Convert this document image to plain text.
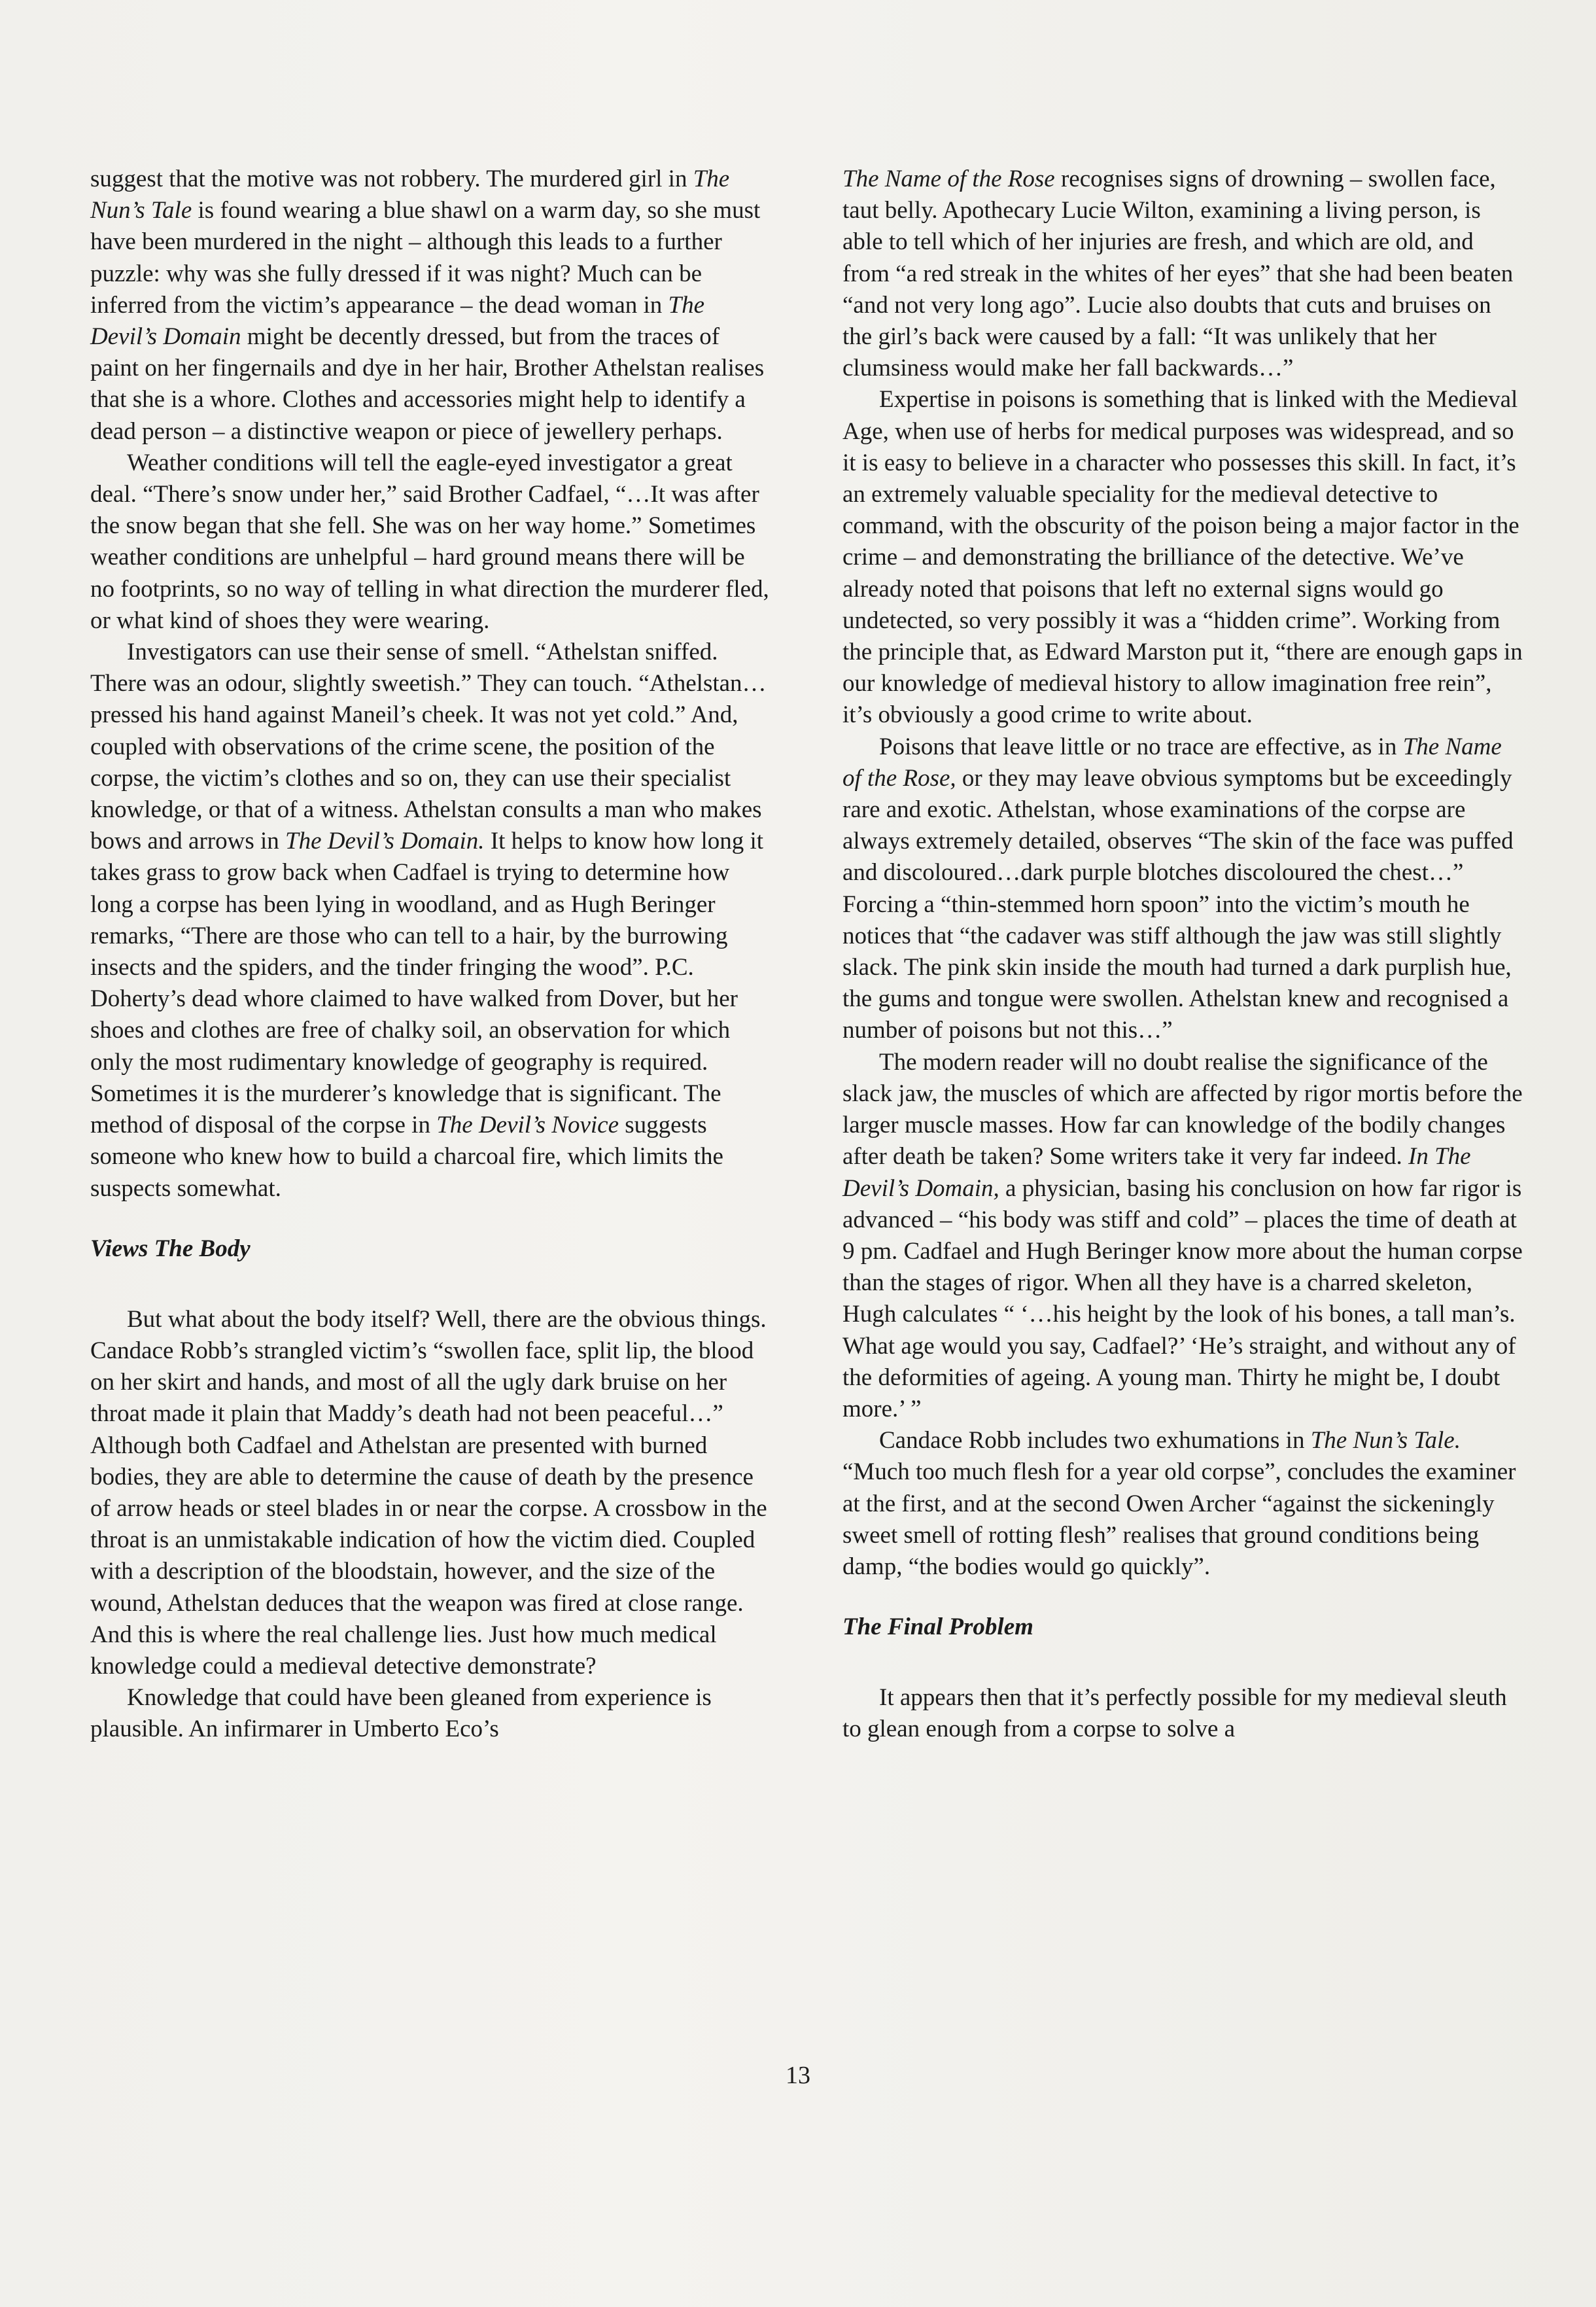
suggest that the motive was not robbery. The murdered girl in The Nun’s Tale is found wearing a blue shawl on a warm day, so she must have been murdered in the night – although this leads to a further puzzle: why was she fully dressed if it was night? Much can be inferred from the victim’s appearance – the dead woman in The Devil’s Domain might be decently dressed, but from the traces of paint on her fingernails and dye in her hair, Brother Athelstan realises that she is a whore. Clothes and accessories might help to identify a dead person – a distinctive weapon or piece of jewellery perhaps.

Weather conditions will tell the eagle-eyed investigator a great deal. “There’s snow under her,” said Brother Cadfael, “…It was after the snow began that she fell. She was on her way home.” Sometimes weather conditions are unhelpful – hard ground means there will be no footprints, so no way of telling in what direction the murderer fled, or what kind of shoes they were wearing.

Investigators can use their sense of smell. “Athelstan sniffed. There was an odour, slightly sweetish.” They can touch. “Athelstan…pressed his hand against Maneil’s cheek. It was not yet cold.” And, coupled with observations of the crime scene, the position of the corpse, the victim’s clothes and so on, they can use their specialist knowledge, or that of a witness. Athelstan consults a man who makes bows and arrows in The Devil’s Domain. It helps to know how long it takes grass to grow back when Cadfael is trying to determine how long a corpse has been lying in woodland, and as Hugh Beringer remarks, “There are those who can tell to a hair, by the burrowing insects and the spiders, and the tinder fringing the wood”. P.C. Doherty’s dead whore claimed to have walked from Dover, but her shoes and clothes are free of chalky soil, an observation for which only the most rudimentary knowledge of geography is required. Sometimes it is the murderer’s knowledge that is significant. The method of disposal of the corpse in The Devil’s Novice suggests someone who knew how to build a charcoal fire, which limits the suspects somewhat.

Views The Body

But what about the body itself? Well, there are the obvious things. Candace Robb’s strangled victim’s “swollen face, split lip, the blood on her skirt and hands, and most of all the ugly dark bruise on her throat made it plain that Maddy’s death had not been peaceful…” Although both Cadfael and Athelstan are presented with burned bodies, they are able to determine the cause of death by the presence of arrow heads or steel blades in or near the corpse. A crossbow in the throat is an unmistakable indication of how the victim died. Coupled with a description of the bloodstain, however, and the size of the wound, Athelstan deduces that the weapon was fired at close range. And this is where the real challenge lies. Just how much medical knowledge could a medieval detective demonstrate?

Knowledge that could have been gleaned from experience is plausible. An infirmarer in Umberto Eco’s

The Name of the Rose recognises signs of drowning – swollen face, taut belly. Apothecary Lucie Wilton, examining a living person, is able to tell which of her injuries are fresh, and which are old, and from “a red streak in the whites of her eyes” that she had been beaten “and not very long ago”. Lucie also doubts that cuts and bruises on the girl’s back were caused by a fall: “It was unlikely that her clumsiness would make her fall backwards…”

Expertise in poisons is something that is linked with the Medieval Age, when use of herbs for medical purposes was widespread, and so it is easy to believe in a character who possesses this skill. In fact, it’s an extremely valuable speciality for the medieval detective to command, with the obscurity of the poison being a major factor in the crime – and demonstrating the brilliance of the detective. We’ve already noted that poisons that left no external signs would go undetected, so very possibly it was a “hidden crime”. Working from the principle that, as Edward Marston put it, “there are enough gaps in our knowledge of medieval history to allow imagination free rein”, it’s obviously a good crime to write about.

Poisons that leave little or no trace are effective, as in The Name of the Rose, or they may leave obvious symptoms but be exceedingly rare and exotic. Athelstan, whose examinations of the corpse are always extremely detailed, observes “The skin of the face was puffed and discoloured…dark purple blotches discoloured the chest…” Forcing a “thin-stemmed horn spoon” into the victim’s mouth he notices that “the cadaver was stiff although the jaw was still slightly slack. The pink skin inside the mouth had turned a dark purplish hue, the gums and tongue were swollen. Athelstan knew and recognised a number of poisons but not this…”

The modern reader will no doubt realise the significance of the slack jaw, the muscles of which are affected by rigor mortis before the larger muscle masses. How far can knowledge of the bodily changes after death be taken? Some writers take it very far indeed. In The Devil’s Domain, a physician, basing his conclusion on how far rigor is advanced – “his body was stiff and cold” – places the time of death at 9 pm. Cadfael and Hugh Beringer know more about the human corpse than the stages of rigor. When all they have is a charred skeleton, Hugh calculates “ ‘…his height by the look of his bones, a tall man’s. What age would you say, Cadfael?’ ‘He’s straight, and without any of the deformities of ageing. A young man. Thirty he might be, I doubt more.’ ”

Candace Robb includes two exhumations in The Nun’s Tale. “Much too much flesh for a year old corpse”, concludes the examiner at the first, and at the second Owen Archer “against the sickeningly sweet smell of rotting flesh” realises that ground conditions being damp, “the bodies would go quickly”.

The Final Problem

It appears then that it’s perfectly possible for my medieval sleuth to glean enough from a corpse to solve a

13
